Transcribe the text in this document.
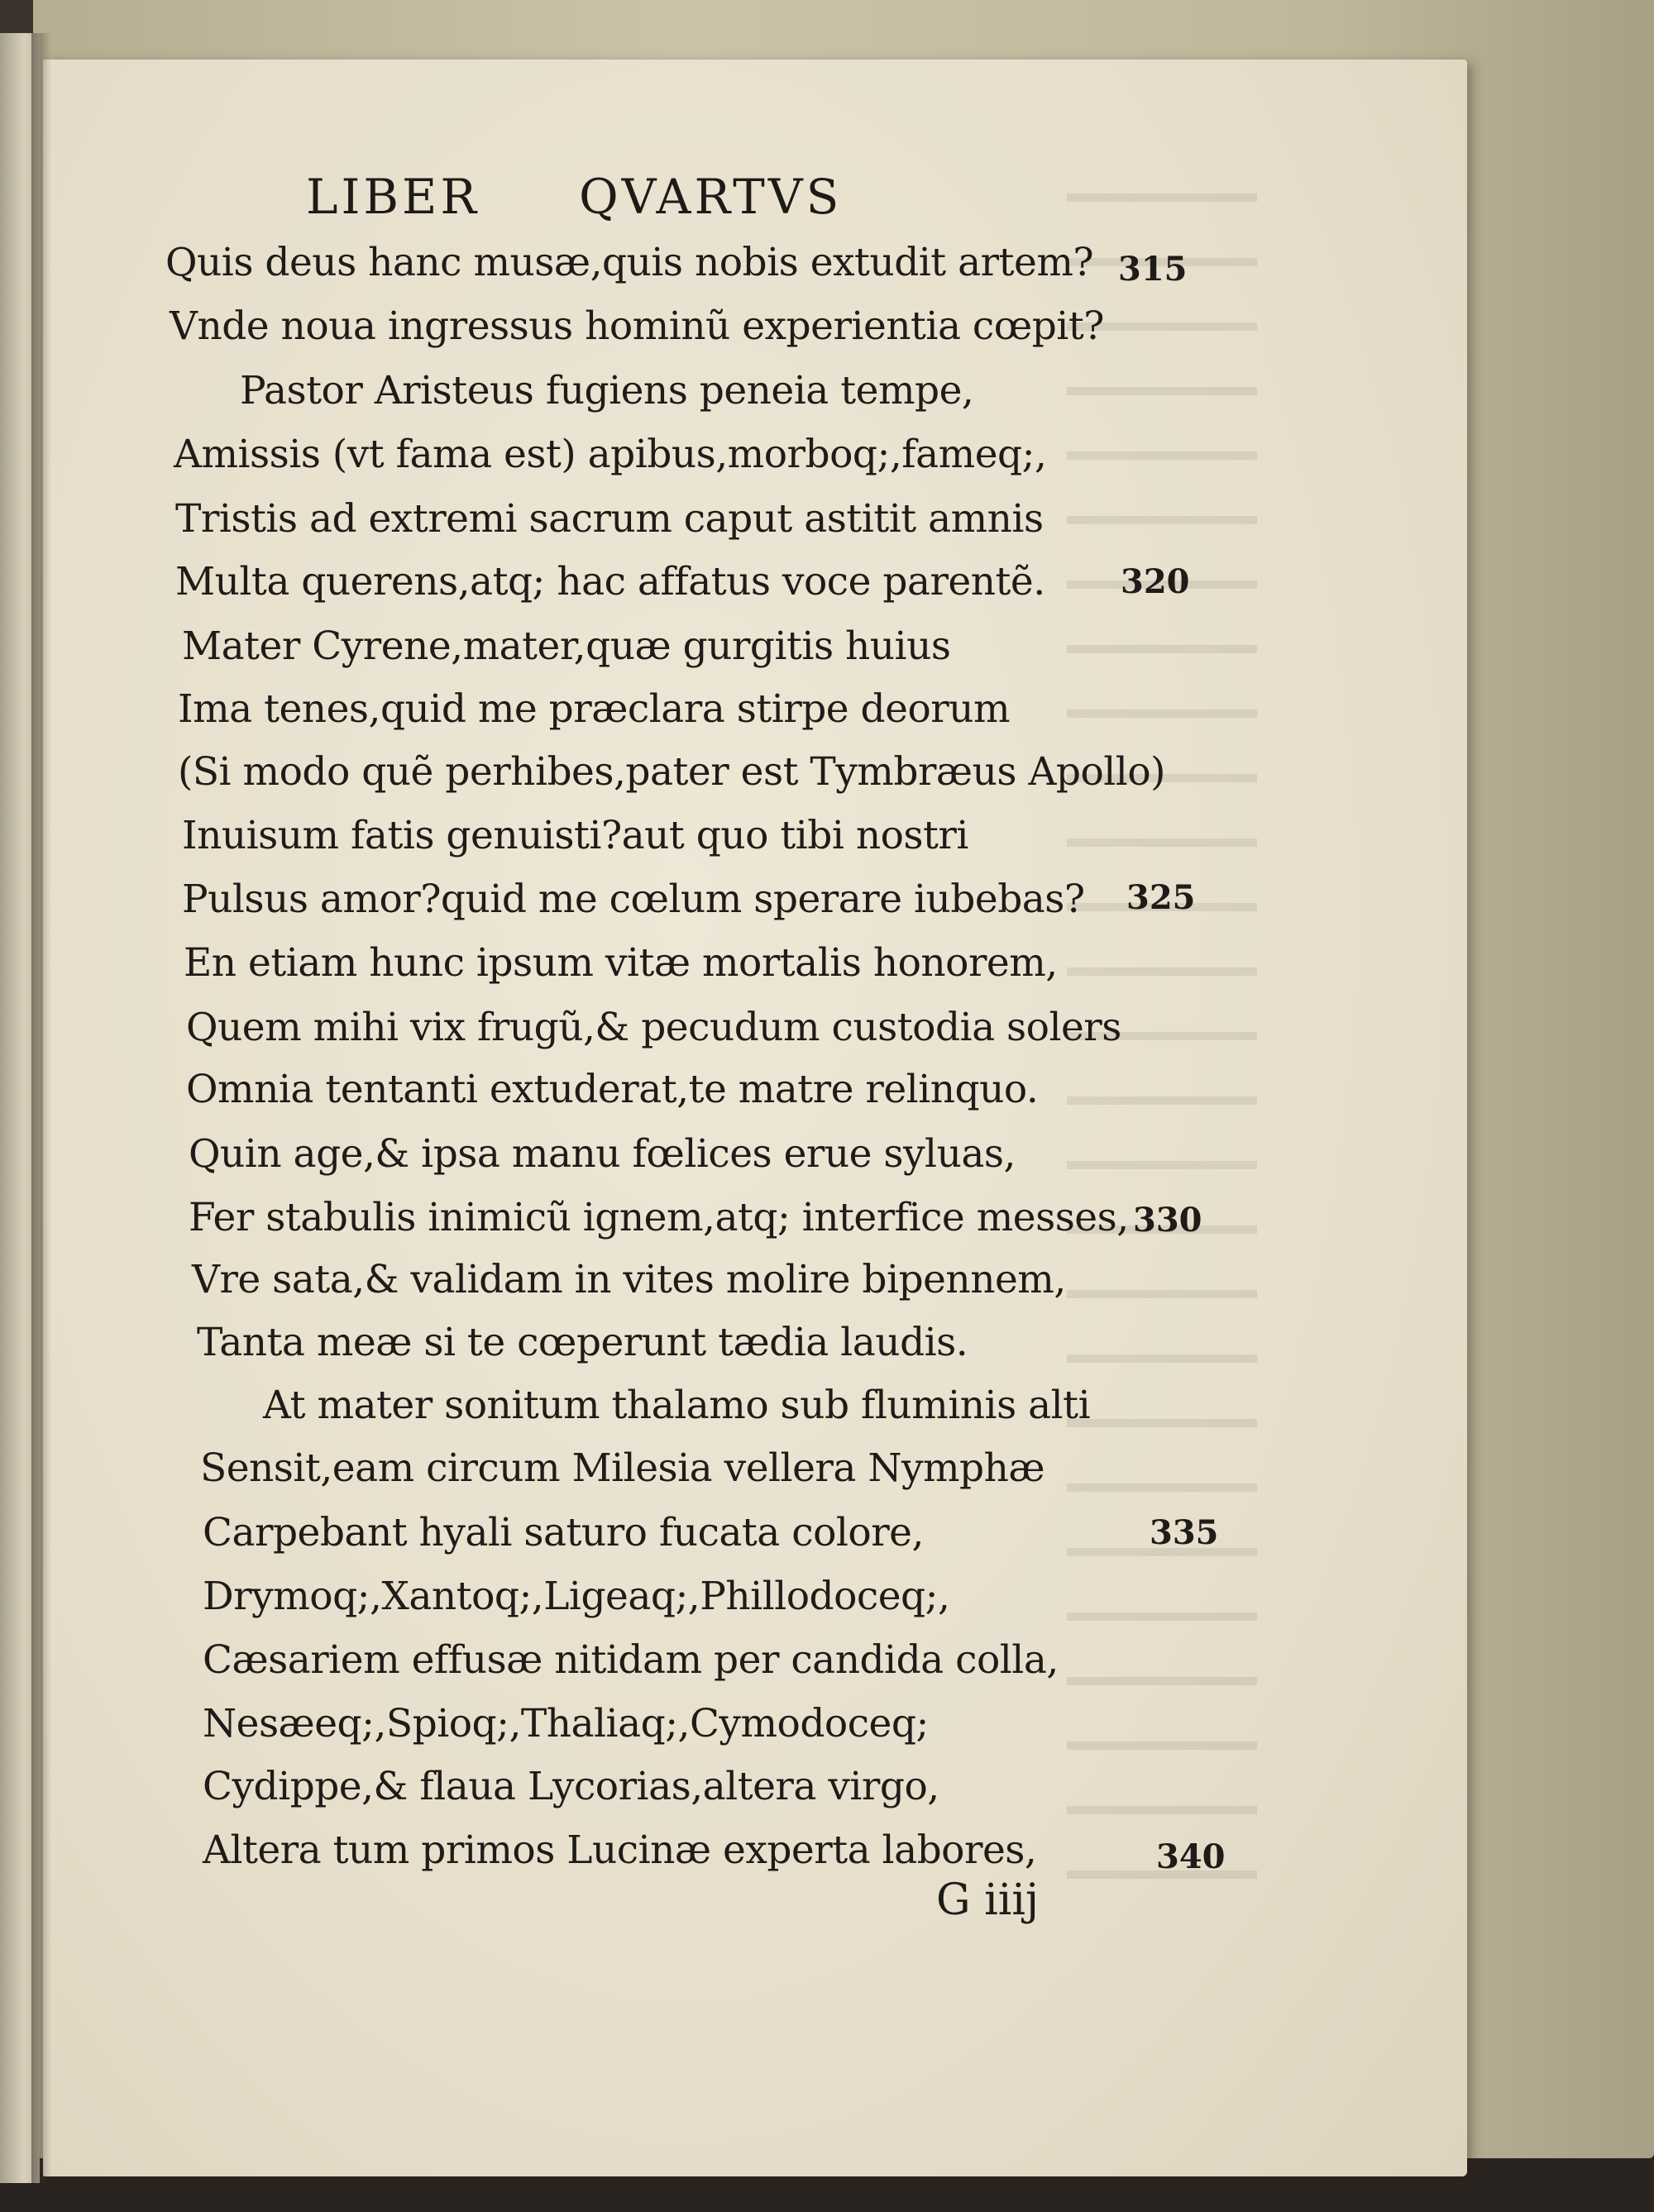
LIBER QVARTVS
Quis deus hanc musæ,quis nobis extudit artem?
Vnde noua ingressus hominũ experientia cœpit?
Pastor Aristeus fugiens peneia tempe,
Amissis (vt fama est) apibus,morboq;,fameq;,
Tristis ad extremi sacrum caput astitit amnis
Multa querens,atq; hac affatus voce parentẽ.
Mater Cyrene,mater,quæ gurgitis huius
Ima tenes,quid me præclara stirpe deorum
(Si modo quẽ perhibes,pater est Tymbræus Apollo)
Inuisum fatis genuisti?aut quo tibi nostri
Pulsus amor?quid me cœlum sperare iubebas?
En etiam hunc ipsum vitæ mortalis honorem,
Quem mihi vix frugũ,& pecudum custodia solers
Omnia tentanti extuderat,te matre relinquo.
Quin age,& ipsa manu fœlices erue syluas,
Fer stabulis inimicũ ignem,atq; interfice messes,
Vre sata,& validam in vites molire bipennem,
Tanta meæ si te cœperunt tædia laudis.
At mater sonitum thalamo sub fluminis alti
Sensit,eam circum Milesia vellera Nymphæ
Carpebant hyali saturo fucata colore,
Drymoq;,Xantoq;,Ligeaq;,Phillodoceq;,
Cæsariem effusæ nitidam per candida colla,
Nesæeq;,Spioq;,Thaliaq;,Cymodoceq;
Cydippe,& flaua Lycorias,altera virgo,
Altera tum primos Lucinæ experta labores,
315
320
325
330
335
340
G iiij
